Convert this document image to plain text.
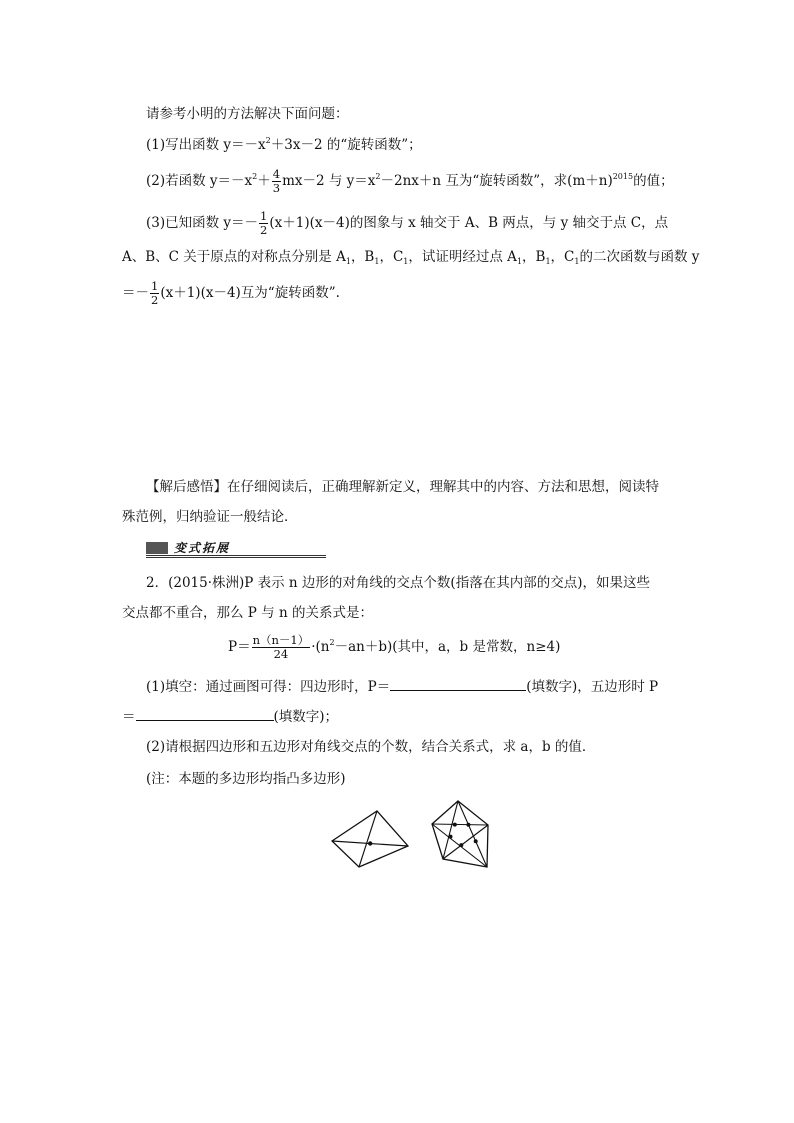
请参考小明的方法解决下面问题：
(1)写出函数 $y=-x^2+3x-2$ 的“旋转函数”；
(2)若函数 $y=-x^2+ \frac{4}{3} mx-2$ 与 $y=x^2-2nx+n$ 互为“旋转函数”，求$(m+n)^{2015}$的值；
(3)已知函数 $y=- \frac{1}{2} (x+1)(x-4)$的图象与 x 轴交于 A、B 两点，与 y 轴交于点 C，点
A、B、C 关于原点的对称点分别是 $A_1$，$B_1$，$C_1$，试证明经过点 $A_1$，$B_1$，$C_1$的二次函数与函数 y
＝－ $\frac{1}{2} (x+1)(x-4)$互为“旋转函数”.
【解后感悟】在仔细阅读后，正确理解新定义，理解其中的内容、方法和思想，阅读特
殊范例，归纳验证一般结论．
变式拓展
2．(2015·株洲)P 表示 n 边形的对角线的交点个数(指落在其内部的交点)，如果这些
交点都不重合，那么 P 与 n 的关系式是：
$P= \frac{n(n-1)}{24} \cdot(n^2-an+b)$(其中，a，b 是常数，n≥4)
(1)填空：通过画图可得：四边形时，P＝	(填数字)，五边形时 P
＝	(填数字)；
(2)请根据四边形和五边形对角线交点的个数，结合关系式，求 a，b 的值．
(注：本题的多边形均指凸多边形)
